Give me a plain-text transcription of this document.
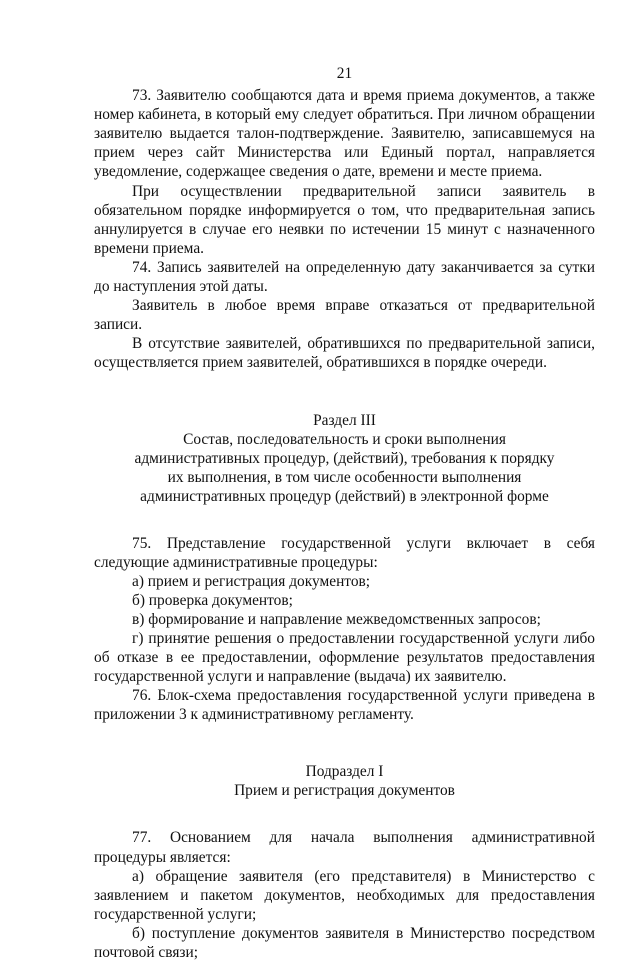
21

73. Заявителю сообщаются дата и время приема документов, а также номер кабинета, в который ему следует обратиться. При личном обращении заявителю выдается талон-подтверждение. Заявителю, записавшемуся на прием через сайт Министерства или Единый портал, направляется уведомление, содержащее сведения о дате, времени и месте приема.

При осуществлении предварительной записи заявитель в обязательном порядке информируется о том, что предварительная запись аннулируется в случае его неявки по истечении 15 минут с назначенного времени приема.

74. Запись заявителей на определенную дату заканчивается за сутки до наступления этой даты.

Заявитель в любое время вправе отказаться от предварительной записи.

В отсутствие заявителей, обратившихся по предварительной записи, осуществляется прием заявителей, обратившихся в порядке очереди.

Раздел III
Состав, последовательность и сроки выполнения
административных процедур, (действий), требования к порядку
их выполнения, в том числе особенности выполнения
административных процедур (действий) в электронной форме

75. Представление государственной услуги включает в себя следующие административные процедуры:

а) прием и регистрация документов;

б) проверка документов;

в) формирование и направление межведомственных запросов;

г) принятие решения о предоставлении государственной услуги либо об отказе в ее предоставлении, оформление результатов предоставления государственной услуги и направление (выдача) их заявителю.

76. Блок-схема предоставления государственной услуги приведена в приложении 3 к административному регламенту.

Подраздел I
Прием и регистрация документов

77. Основанием для начала выполнения административной процедуры является:

а) обращение заявителя (его представителя) в Министерство с заявлением и пакетом документов, необходимых для предоставления государственной услуги;

б) поступление документов заявителя в Министерство посредством почтовой связи;
